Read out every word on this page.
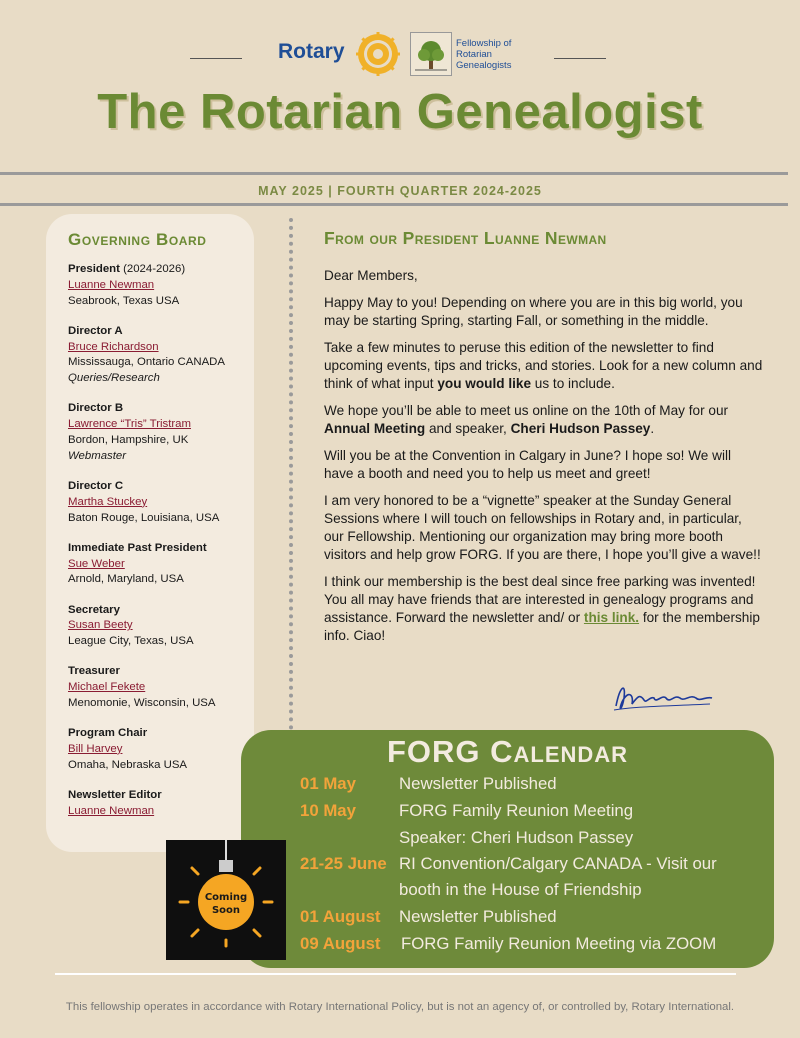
Rotary	Fellowship of
Rotarian
Genealogists
The Rotarian Genealogist
MAY 2025 | FOURTH QUARTER 2024-2025
Governing Board
President (2024-2026)
Luanne Newman
Seabrook, Texas USA
Director A
Bruce Richardson
Mississauga, Ontario CANADA
Queries/Research
Director B
Lawrence “Tris” Tristram
Bordon, Hampshire, UK
Webmaster
Director C
Martha Stuckey
Baton Rouge, Louisiana, USA
Immediate Past President
Sue Weber
Arnold, Maryland, USA
Secretary
Susan Beety
League City, Texas, USA
Treasurer
Michael Fekete
Menomonie, Wisconsin, USA
Program Chair
Bill Harvey
Omaha, Nebraska USA
Newsletter Editor
Luanne Newman
From our President Luanne Newman

Dear Members,

Happy May to you! Depending on where you are in this big world, you may be starting Spring, starting Fall, or something in the middle.

Take a few minutes to peruse this edition of the newsletter to find upcoming events, tips and tricks, and stories. Look for a new column and think of what input you would like us to include.

We hope you’ll be able to meet us online on the 10th of May for our Annual Meeting and speaker, Cheri Hudson Passey.

Will you be at the Convention in Calgary in June? I hope so! We will have a booth and need you to help us meet and greet!

I am very honored to be a “vignette” speaker at the Sunday General Sessions where I will touch on fellowships in Rotary and, in particular, our Fellowship. Mentioning our organization may bring more booth visitors and help grow FORG. If you are there, I hope you’ll give a wave!!

I think our membership is the best deal since free parking was invented! You all may have friends that are interested in genealogy programs and assistance. Forward the newsletter and/ or this link. for the membership info. Ciao!

FORG Calendar
01 May	Newsletter Published
10 May	FORG Family Reunion Meeting
Speaker: Cheri Hudson Passey
21-25 June RI Convention/Calgary CANADA - Visit our
booth in the House of Friendship
01 August Newsletter Published
09 August FORG Family Reunion Meeting via ZOOM
Coming
Soon
This fellowship operates in accordance with Rotary International Policy, but is not an agency of, or controlled by, Rotary International.
